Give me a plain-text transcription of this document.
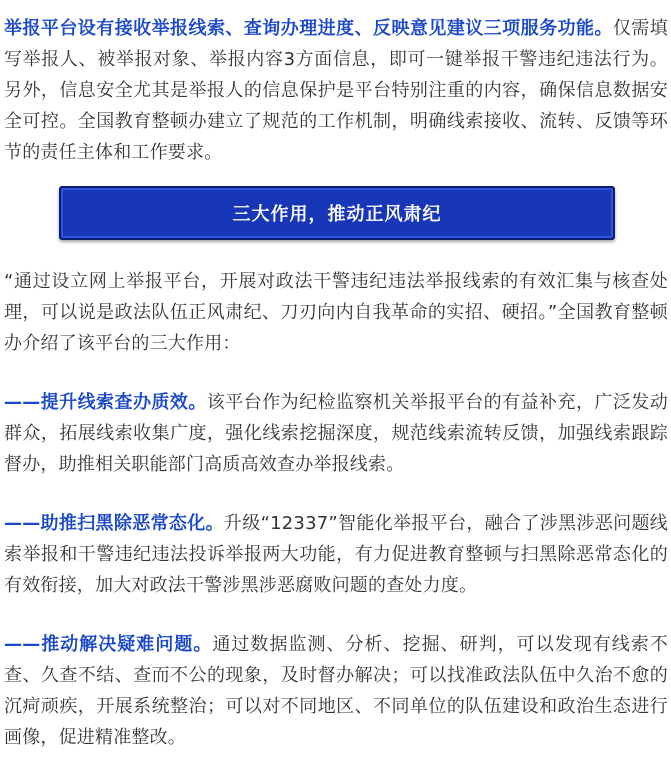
举报平台设有接收举报线索、查询办理进度、反映意见建议三项服务功能。仅需填写举报人、被举报对象、举报内容3方面信息，即可一键举报干警违纪违法行为。另外，信息安全尤其是举报人的信息保护是平台特别注重的内容，确保信息数据安全可控。全国教育整顿办建立了规范的工作机制，明确线索接收、流转、反馈等环节的责任主体和工作要求。

三大作用，推动正风肃纪

“通过设立网上举报平台，开展对政法干警违纪违法举报线索的有效汇集与核查处理，可以说是政法队伍正风肃纪、刀刃向内自我革命的实招、硬招。”全国教育整顿办介绍了该平台的三大作用：

——提升线索查办质效。该平台作为纪检监察机关举报平台的有益补充，广泛发动群众，拓展线索收集广度，强化线索挖掘深度，规范线索流转反馈，加强线索跟踪督办，助推相关职能部门高质高效查办举报线索。

——助推扫黑除恶常态化。升级“12337”智能化举报平台，融合了涉黑涉恶问题线索举报和干警违纪违法投诉举报两大功能，有力促进教育整顿与扫黑除恶常态化的有效衔接，加大对政法干警涉黑涉恶腐败问题的查处力度。

——推动解决疑难问题。通过数据监测、分析、挖掘、研判，可以发现有线索不查、久查不结、查而不公的现象，及时督办解决；可以找准政法队伍中久治不愈的沉疴顽疾，开展系统整治；可以对不同地区、不同单位的队伍建设和政治生态进行画像，促进精准整改。
